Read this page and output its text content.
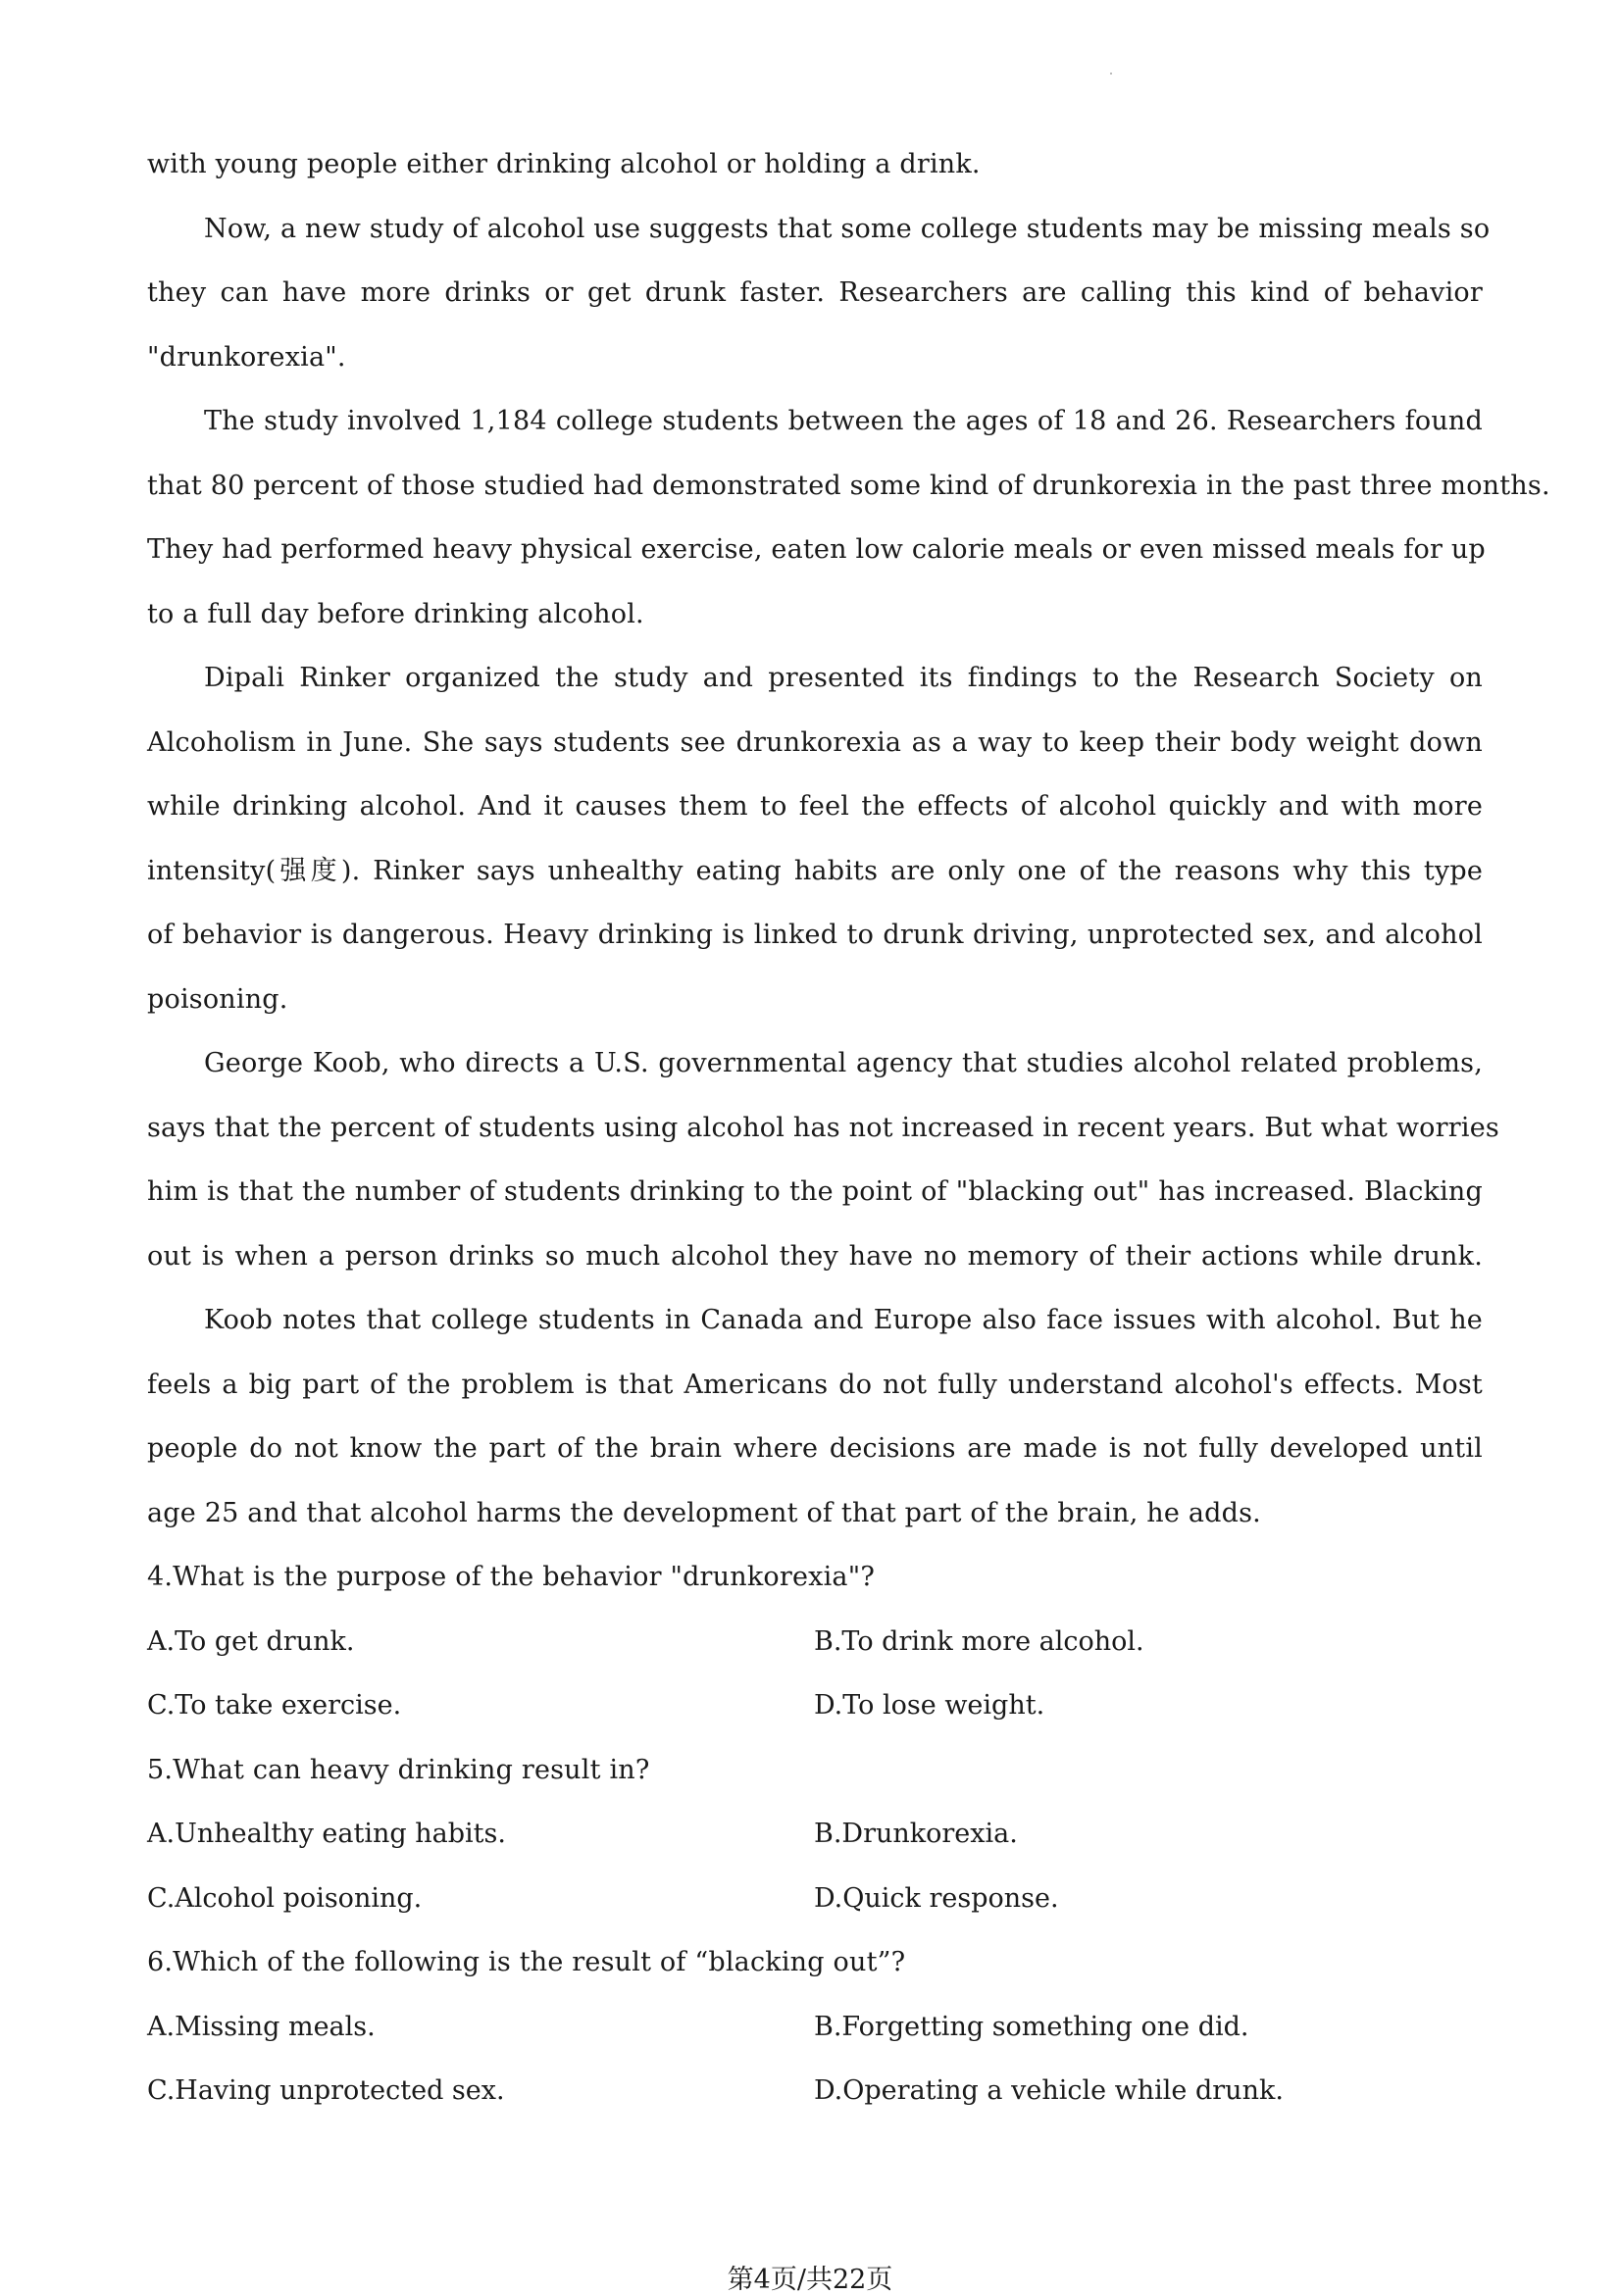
with young people either drinking alcohol or holding a drink.
Now, a new study of alcohol use suggests that some college students may be missing meals so
they can have more drinks or get drunk faster. Researchers are calling this kind of behavior
"drunkorexia".
The study involved 1,184 college students between the ages of 18 and 26. Researchers found
that 80 percent of those studied had demonstrated some kind of drunkorexia in the past three months.
They had performed heavy physical exercise, eaten low calorie meals or even missed meals for up
to a full day before drinking alcohol.
Dipali Rinker organized the study and presented its findings to the Research Society on
Alcoholism in June. She says students see drunkorexia as a way to keep their body weight down
while drinking alcohol. And it causes them to feel the effects of alcohol quickly and with more
intensity(强度). Rinker says unhealthy eating habits are only one of the reasons why this type
of behavior is dangerous. Heavy drinking is linked to drunk driving, unprotected sex, and alcohol
poisoning.
George Koob, who directs a U.S. governmental agency that studies alcohol related problems,
says that the percent of students using alcohol has not increased in recent years. But what worries
him is that the number of students drinking to the point of "blacking out" has increased. Blacking
out is when a person drinks so much alcohol they have no memory of their actions while drunk.
Koob notes that college students in Canada and Europe also face issues with alcohol. But he
feels a big part of the problem is that Americans do not fully understand alcohol's effects. Most
people do not know the part of the brain where decisions are made is not fully developed until
age 25 and that alcohol harms the development of that part of the brain, he adds.
4.What is the purpose of the behavior "drunkorexia"?
A.To get drunk.	B.To drink more alcohol.
C.To take exercise.	D.To lose weight.
5.What can heavy drinking result in?
A.Unhealthy eating habits.	B.Drunkorexia.
C.Alcohol poisoning.	D.Quick response.
6.Which of the following is the result of “blacking out”?
A.Missing meals.	B.Forgetting something one did.
C.Having unprotected sex.	D.Operating a vehicle while drunk.
第4页/共22页
